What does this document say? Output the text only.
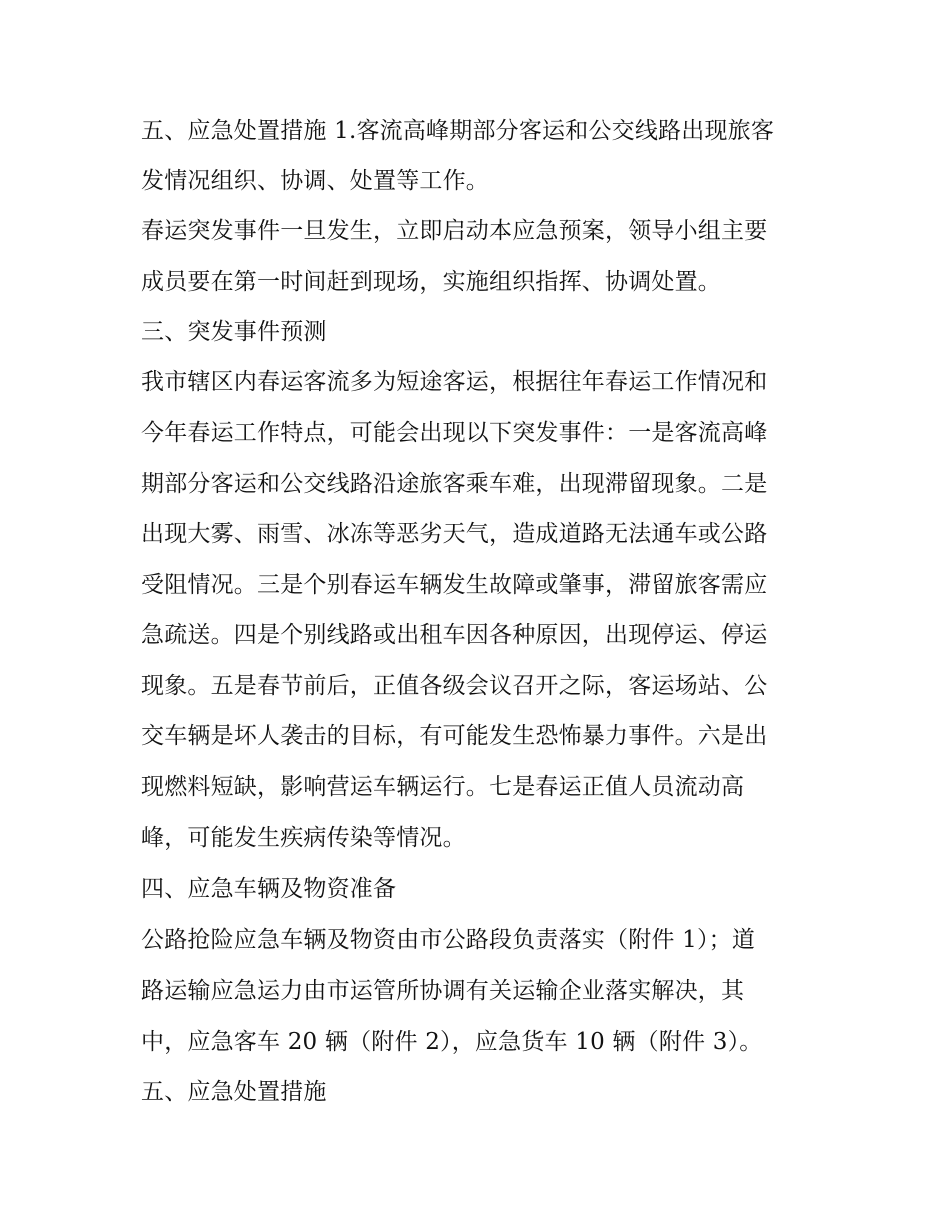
五、应急处置措施 1.客流高峰期部分客运和公交线路出现旅客
发情况组织、协调、处置等工作。
春运突发事件一旦发生，立即启动本应急预案，领导小组主要
成员要在第一时间赶到现场，实施组织指挥、协调处置。
三、突发事件预测
我市辖区内春运客流多为短途客运，根据往年春运工作情况和
今年春运工作特点，可能会出现以下突发事件：一是客流高峰
期部分客运和公交线路沿途旅客乘车难，出现滞留现象。二是
出现大雾、雨雪、冰冻等恶劣天气，造成道路无法通车或公路
受阻情况。三是个别春运车辆发生故障或肇事，滞留旅客需应
急疏送。四是个别线路或出租车因各种原因，出现停运、停运
现象。五是春节前后，正值各级会议召开之际，客运场站、公
交车辆是坏人袭击的目标，有可能发生恐怖暴力事件。六是出
现燃料短缺，影响营运车辆运行。七是春运正值人员流动高
峰，可能发生疾病传染等情况。
四、应急车辆及物资准备
公路抢险应急车辆及物资由市公路段负责落实（附件 1）；道
路运输应急运力由市运管所协调有关运输企业落实解决，其
中，应急客车 20 辆（附件 2），应急货车 10 辆（附件 3）。
五、应急处置措施
